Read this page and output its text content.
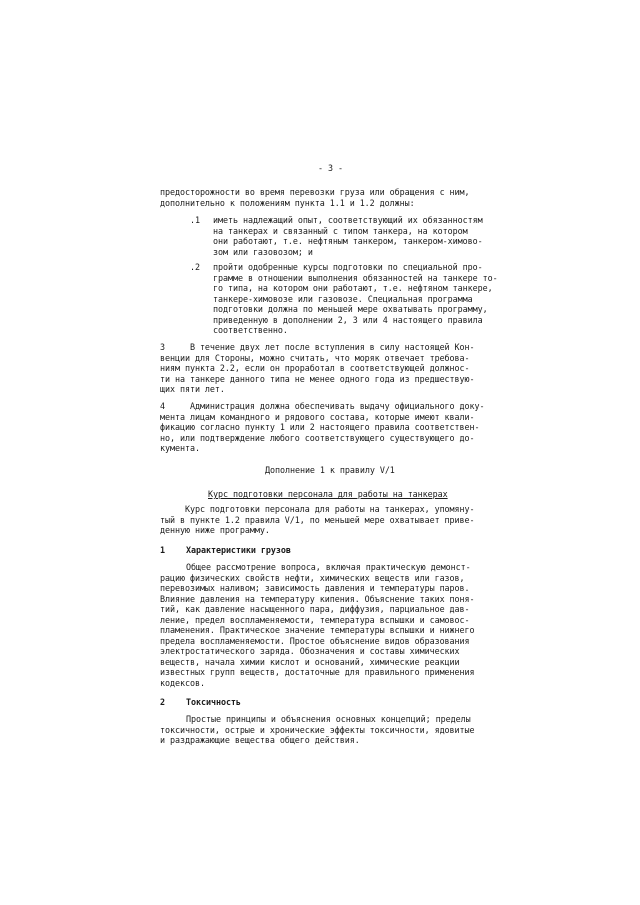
- 3 -
предосторожности во время перевозки груза или обращения с ним,
дополнительно к положениям пункта 1.1 и 1.2 должны:
.1 иметь надлежащий опыт, соответствующий их обязанностям
на танкерах и связанный с типом танкера, на котором
они работают, т.е. нефтяным танкером, танкером-химово-
зом или газовозом; и
.2 пройти одобренные курсы подготовки по специальной про-
грамме в отношении выполнения обязанностей на танкере то-
го типа, на котором они работают, т.е. нефтяном танкере,
танкере-химовозе или газовозе. Специальная программа
подготовки должна по меньшей мере охватывать программу,
приведенную в дополнении 2, 3 или 4 настоящего правила
соответственно.
3     В течение двух лет после вступления в силу настоящей Кон-
венции для Стороны, можно считать, что моряк отвечает требова-
ниям пункта 2.2, если он проработал в соответствующей должнос-
ти на танкере данного типа не менее одного года из предшествую-
щих пяти лет.
4     Администрация должна обеспечивать выдачу официального доку-
мента лицам командного и рядового состава, которые имеют квали-
фикацию согласно пункту 1 или 2 настоящего правила соответствен-
но, или подтверждение любого соответствующего существующего до-
кумента.
Дополнение 1 к правилу V/1
Курс подготовки персонала для работы на танкерах
Курс подготовки персонала для работы на танкерах, упомяну-
тый в пункте 1.2 правила V/1, по меньшей мере охватывает приве-
денную ниже программу.
1	Характеристики грузов
Общее рассмотрение вопроса, включая практическую демонст-
рацию физических свойств нефти, химических веществ или газов,
перевозимых наливом; зависимость давления и температуры паров.
Влияние давления на температуру кипения. Объяснение таких поня-
тий, как давление насыщенного пара, диффузия, парциальное дав-
ление, предел воспламеняемости, температура вспышки и самовос-
пламенения. Практическое значение температуры вспышки и нижнего
предела воспламеняемости. Простое объяснение видов образования
электростатического заряда. Обозначения и составы химических
веществ, начала химии кислот и оснований, химические реакции
известных групп веществ, достаточные для правильного применения
кодексов.
2	Токсичность
Простые принципы и объяснения основных концепций; пределы
токсичности, острые и хронические эффекты токсичности, ядовитые
и раздражающие вещества общего действия.
